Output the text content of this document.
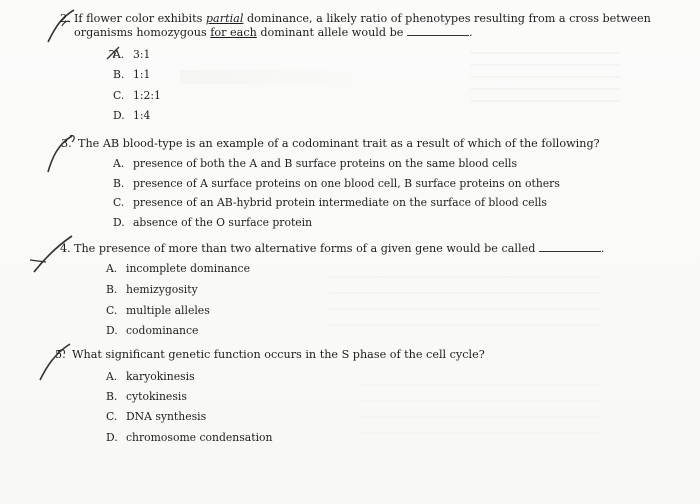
2. If flower color exhibits partial dominance, a likely ratio of phenotypes resulting from a cross between
organisms homozygous for each dominant allele would be	.
A. 3:1
B. 1:1
C. 1:2:1
D. 1:4
3. The AB blood-type is an example of a codominant trait as a result of which of the following?
A. presence of both the A and B surface proteins on the same blood cells
B. presence of A surface proteins on one blood cell, B surface proteins on others
C. presence of an AB-hybrid protein intermediate on the surface of blood cells
D. absence of the O surface protein
4. The presence of more than two alternative forms of a given gene would be called	.
A. incomplete dominance
B. hemizygosity
C. multiple alleles
D. codominance
5. What significant genetic function occurs in the S phase of the cell cycle?
A. karyokinesis
B. cytokinesis
C. DNA synthesis
D. chromosome condensation
